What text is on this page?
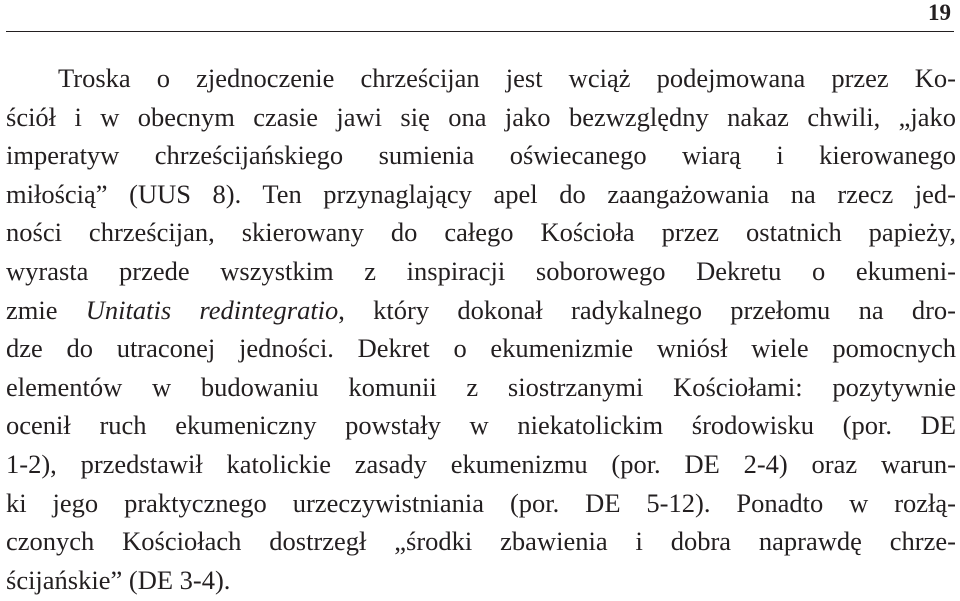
19
Troska o zjednoczenie chrześcijan jest wciąż podejmowana przez Ko-
ściół i w obecnym czasie jawi się ona jako bezwzględny nakaz chwili, „jako
imperatyw chrześcijańskiego sumienia oświecanego wiarą i kierowanego
miłością” (UUS 8). Ten przynaglający apel do zaangażowania na rzecz jed-
ności chrześcijan, skierowany do całego Kościoła przez ostatnich papieży,
wyrasta przede wszystkim z inspiracji soborowego Dekretu o ekumeni-
zmie Unitatis redintegratio, który dokonał radykalnego przełomu na dro-
dze do utraconej jedności. Dekret o ekumenizmie wniósł wiele pomocnych
elementów w budowaniu komunii z siostrzanymi Kościołami: pozytywnie
ocenił ruch ekumeniczny powstały w niekatolickim środowisku (por. DE
1-2), przedstawił katolickie zasady ekumenizmu (por. DE 2-4) oraz warun-
ki jego praktycznego urzeczywistniania (por. DE 5-12). Ponadto w rozłą-
czonych Kościołach dostrzegł „środki zbawienia i dobra naprawdę chrze-
ścijańskie” (DE 3-4).
